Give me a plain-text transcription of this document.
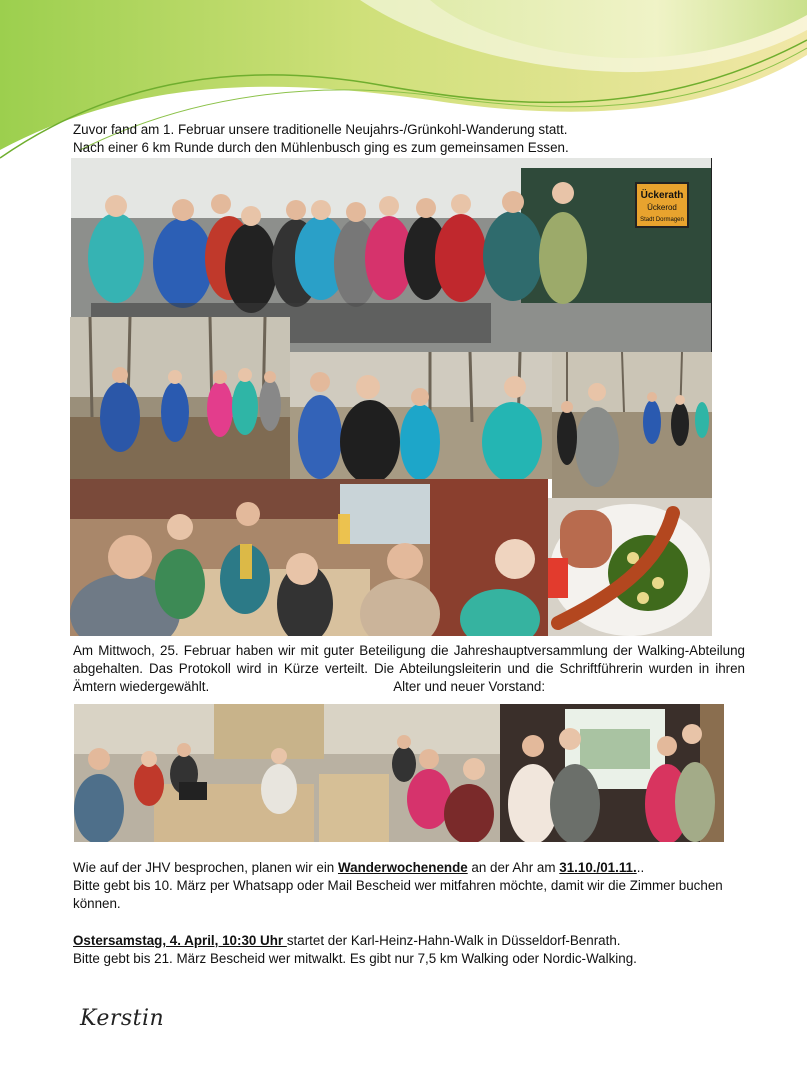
Zuvor fand am 1. Februar unsere traditionelle Neujahrs-/Grünkohl-Wanderung statt.

Nach einer 6 km Runde durch den Mühlenbusch ging es zum gemeinsamen Essen.

Ückerath
Ückerod
Stadt Dormagen
Am Mittwoch, 25. Februar haben wir mit guter Beteiligung die Jahreshauptversammlung der Walking-Abteilung abgehalten. Das Protokoll wird in Kürze verteilt. Die Abteilungsleiterin und die Schriftführerin wurden in ihren Ämtern wiedergewählt.	Alter und neuer Vorstand:
Wie auf der JHV besprochen, planen wir ein Wanderwochenende an der Ahr am 31.10./01.11...
Bitte gebt bis 10. März per Whatsapp oder Mail Bescheid wer mitfahren möchte, damit wir die Zimmer buchen können.
Ostersamstag, 4. April, 10:30 Uhr startet der Karl-Heinz-Hahn-Walk in Düsseldorf-Benrath.
Bitte gebt bis 21. März Bescheid wer mitwalkt. Es gibt nur 7,5 km Walking oder Nordic-Walking.
Kerstin
